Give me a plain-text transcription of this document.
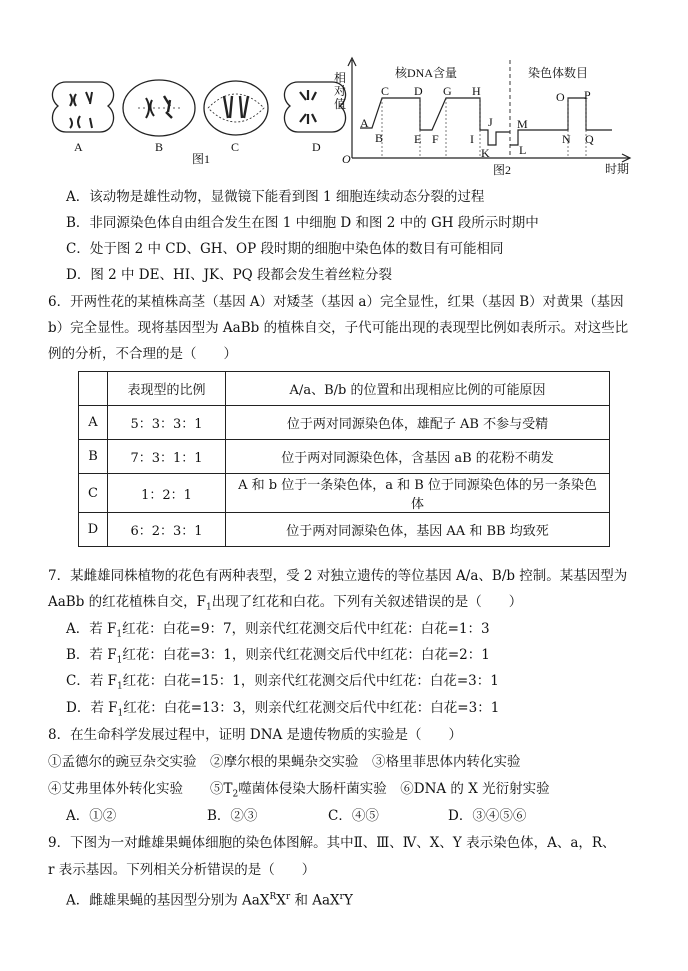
A	B	C	D
图1
相对值
O
核DNA含量	染色体数目
时期
图2
A
B
C D
E F
G H
I
J
K L
M
N
O P
Q
A．该动物是雄性动物，显微镜下能看到图 1 细胞连续动态分裂的过程
B．非同源染色体自由组合发生在图 1 中细胞 D 和图 2 中的 GH 段所示时期中
C．处于图 2 中 CD、GH、OP 段时期的细胞中染色体的数目有可能相同
D．图 2 中 DE、HI、JK、PQ 段都会发生着丝粒分裂
6．开两性花的某植株高茎（基因 A）对矮茎（基因 a）完全显性，红果（基因 B）对黄果（基因
b）完全显性。现将基因型为 AaBb 的植株自交，子代可能出现的表现型比例如表所示。对这些比
例的分析，不合理的是（　　）
	表现型的比例	A/a、B/b 的位置和出现相应比例的可能原因
A	5：3：3：1	位于两对同源染色体，雄配子 AB 不参与受精
B	7：3：1：1	位于两对同源染色体，含基因 aB 的花粉不萌发
C	1：2：1	A 和 b 位于一条染色体，a 和 B 位于同源染色体的另一条染色体
D	6：2：3：1	位于两对同源染色体，基因 AA 和 BB 均致死
7．某雌雄同株植物的花色有两种表型，受 2 对独立遗传的等位基因 A/a、B/b 控制。某基因型为
AaBb 的红花植株自交，$F_1$出现了红花和白花。下列有关叙述错误的是（　　）
A．若 $F_1$红花：白花=9：7，则亲代红花测交后代中红花：白花=1：3
B．若 $F_1$红花：白花=3：1，则亲代红花测交后代中红花：白花=2：1
C．若 $F_1$红花：白花=15：1，则亲代红花测交后代中红花：白花=3：1
D．若 $F_1$红花：白花=13：3，则亲代红花测交后代中红花：白花=3：1
8．在生命科学发展过程中，证明 DNA 是遗传物质的实验是（　　）
①孟德尔的豌豆杂交实验　②摩尔根的果蝇杂交实验　③格里菲思体内转化实验
④艾弗里体外转化实验　　$⑤T_2$噬菌体侵染大肠杆菌实验　⑥DNA 的 X 光衍射实验
A．①②	B．②③	C．④⑤	D．③④⑤⑥
9．下图为一对雌雄果蝇体细胞的染色体图解。其中Ⅱ、Ⅲ、Ⅳ、X、Y 表示染色体，A、a，R、
r 表示基因。下列相关分析错误的是（　　）
A．雌雄果蝇的基因型分别为 $AaX^RX^r$ 和 AaX$^r$Y
